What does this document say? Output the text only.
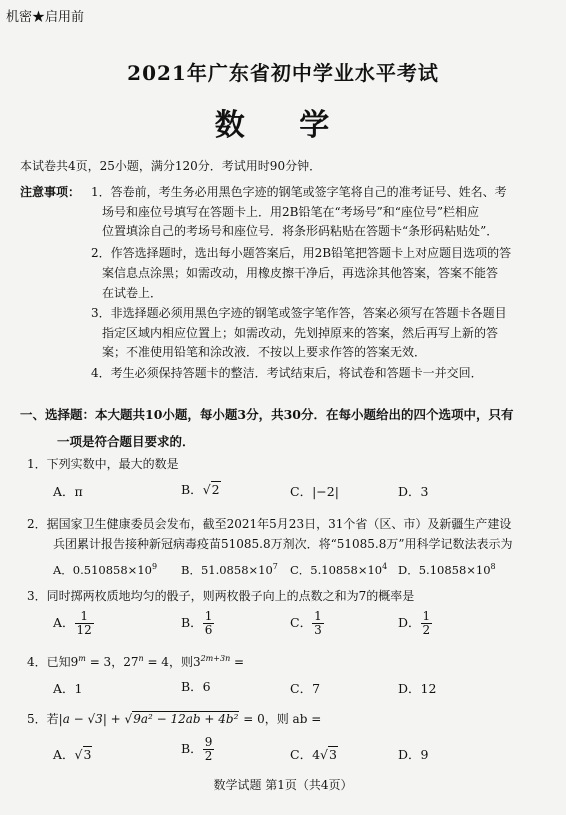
机密★启用前
2021年广东省初中学业水平考试
数 学
本试卷共4页，25小题，满分120分．考试用时90分钟．
注意事项： 1．答卷前，考生务必用黑色字迹的钢笔或签字笔将自己的准考证号、姓名、考
场号和座位号填写在答题卡上．用2B铅笔在“考场号”和“座位号”栏相应
位置填涂自己的考场号和座位号．将条形码粘贴在答题卡“条形码粘贴处”．
2．作答选择题时，选出每小题答案后，用2B铅笔把答题卡上对应题目选项的答
案信息点涂黑；如需改动，用橡皮擦干净后，再选涂其他答案，答案不能答
在试卷上．
3．非选择题必须用黑色字迹的钢笔或签字笔作答，答案必须写在答题卡各题目
指定区域内相应位置上；如需改动，先划掉原来的答案，然后再写上新的答
案；不准使用铅笔和涂改液．不按以上要求作答的答案无效．
4．考生必须保持答题卡的整洁．考试结束后，将试卷和答题卡一并交回．
一、选择题：本大题共10小题，每小题3分，共30分．在每小题给出的四个选项中，只有
一项是符合题目要求的．
1．下列实数中，最大的数是
A．π	B．√2	C．|−2|	D．3
2．据国家卫生健康委员会发布，截至2021年5月23日，31个省（区、市）及新疆生产建设
兵团累计报告接种新冠病毒疫苗51085.8万剂次．将“51085.8万”用科学记数法表示为
A．$0.510858\times 10^9$ B．$51.0858\times 10^7$ C．$5.10858\times 10^4$ D．$5.10858\times 10^8$
3．同时掷两枚质地均匀的骰子，则两枚骰子向上的点数之和为7的概率是
A． $\frac{1}{12}$	B． $\frac{1}{6}$	C． $\frac{1}{3}$	D． $\frac{1}{2}$
4．已知$9^m = 3$，$27^n = 4$，则$3^{2m+3n}$ =
A．1	B．6	C．7	D．12
5．若|a − √3| + √9a² − 12ab + 4b² = 0，则 ab =
A．√3	B． $\frac{9}{2}$	C．4√3	D．9
数学试题 第1页（共4页）
